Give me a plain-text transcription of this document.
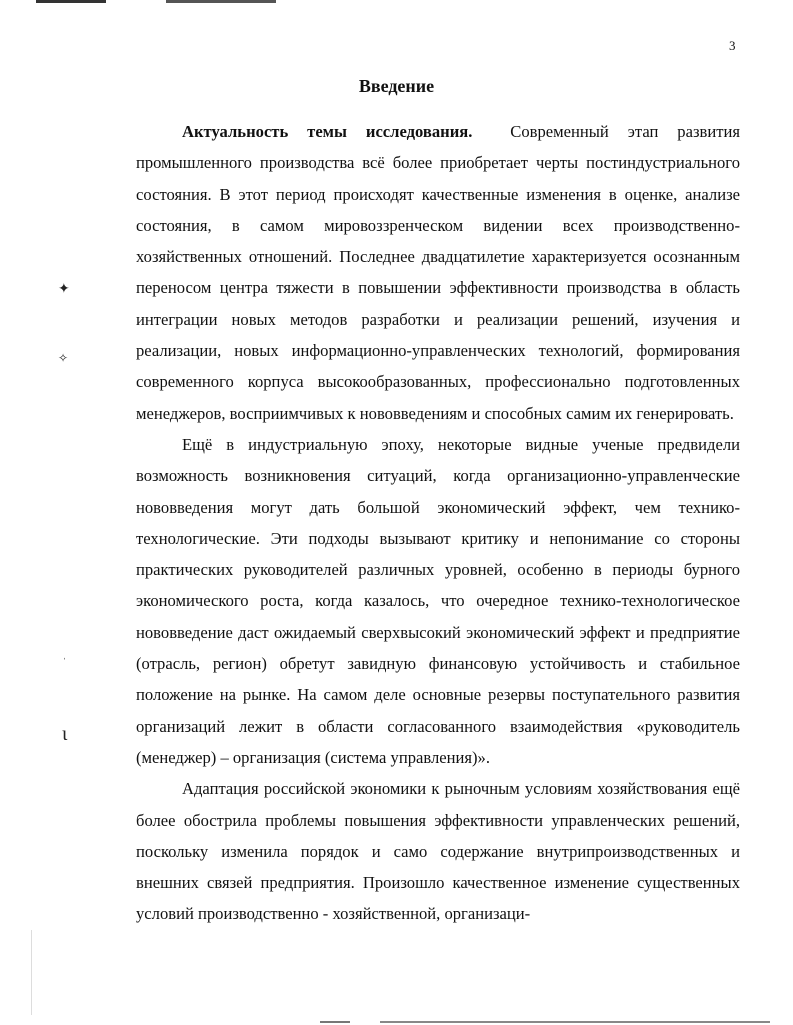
✦
✧
ˈ
ɩ
3
Введение

Актуальность темы исследования. Современный этап развития промышленного производства всё более приобретает черты постиндустриального состояния. В этот период происходят качественные изменения в оценке, анализе состояния, в самом мировоззренческом видении всех производственно-хозяйственных отношений. Последнее двадцатилетие характеризуется осознанным переносом центра тяжести в повышении эффективности производства в область интеграции новых методов разработки и реализации решений, изучения и реализации, новых информационно-управленческих технологий, формирования современного корпуса высокообразованных, профессионально подготовленных менеджеров, восприимчивых к нововведениям и способных самим их генерировать.

Ещё в индустриальную эпоху, некоторые видные ученые предвидели возможность возникновения ситуаций, когда организационно-управленческие нововведения могут дать большой экономический эффект, чем технико-технологические. Эти подходы вызывают критику и непонимание со стороны практических руководителей различных уровней, особенно в периоды бурного экономического роста, когда казалось, что очередное технико-технологическое нововведение даст ожидаемый сверхвысокий экономический эффект и предприятие (отрасль, регион) обретут завидную финансовую устойчивость и стабильное положение на рынке. На самом деле основные резервы поступательного развития организаций лежит в области согласованного взаимодействия «руководитель (менеджер) – организация (система управления)».

Адаптация российской экономики к рыночным условиям хозяйствования ещё более обострила проблемы повышения эффективности управленческих решений, поскольку изменила порядок и само содержание внутрипроизводственных и внешних связей предприятия. Произошло качественное изменение существенных условий производственно - хозяйственной, организаци-
